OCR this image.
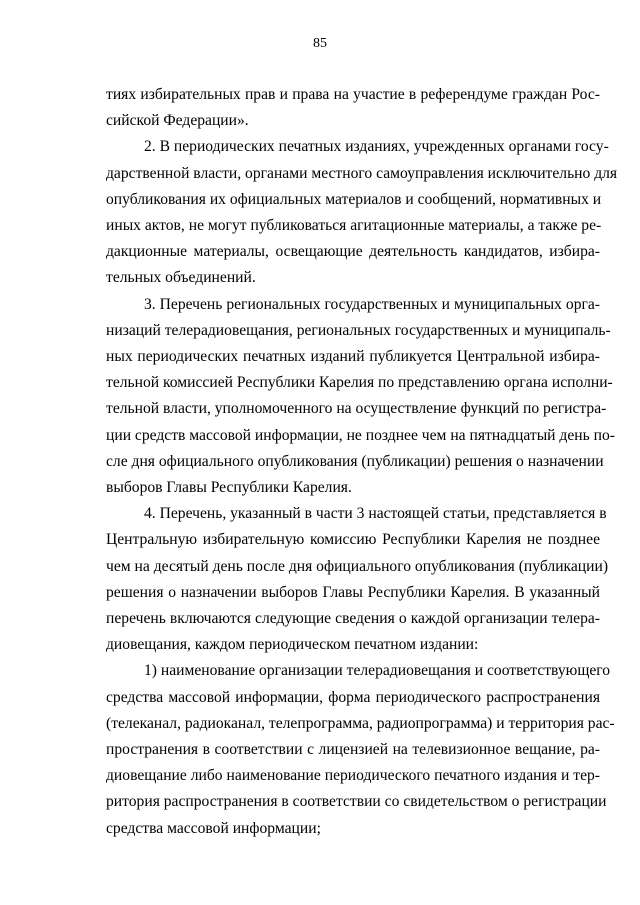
85
тиях избирательных прав и права на участие в референдуме граждан Рос-
сийской Федерации».
2. В периодических печатных изданиях, учрежденных органами госу-
дарственной власти, органами местного самоуправления исключительно для
опубликования их официальных материалов и сообщений, нормативных и
иных актов, не могут публиковаться агитационные материалы, а также ре-
дакционные материалы, освещающие деятельность кандидатов, избира-
тельных объединений.
3. Перечень региональных государственных и муниципальных орга-
низаций телерадиовещания, региональных государственных и муниципаль-
ных периодических печатных изданий публикуется Центральной избира-
тельной комиссией Республики Карелия по представлению органа исполни-
тельной власти, уполномоченного на осуществление функций по регистра-
ции средств массовой информации, не позднее чем на пятнадцатый день по-
сле дня официального опубликования (публикации) решения о назначении
выборов Главы Республики Карелия.
4. Перечень, указанный в части 3 настоящей статьи, представляется в
Центральную избирательную комиссию Республики Карелия не позднее
чем на десятый день после дня официального опубликования (публикации)
решения о назначении выборов Главы Республики Карелия. В указанный
перечень включаются следующие сведения о каждой организации телера-
диовещания, каждом периодическом печатном издании:
1) наименование организации телерадиовещания и соответствующего
средства массовой информации, форма периодического распространения
(телеканал, радиоканал, телепрограмма, радиопрограмма) и территория рас-
пространения в соответствии с лицензией на телевизионное вещание, ра-
диовещание либо наименование периодического печатного издания и тер-
ритория распространения в соответствии со свидетельством о регистрации
средства массовой информации;
